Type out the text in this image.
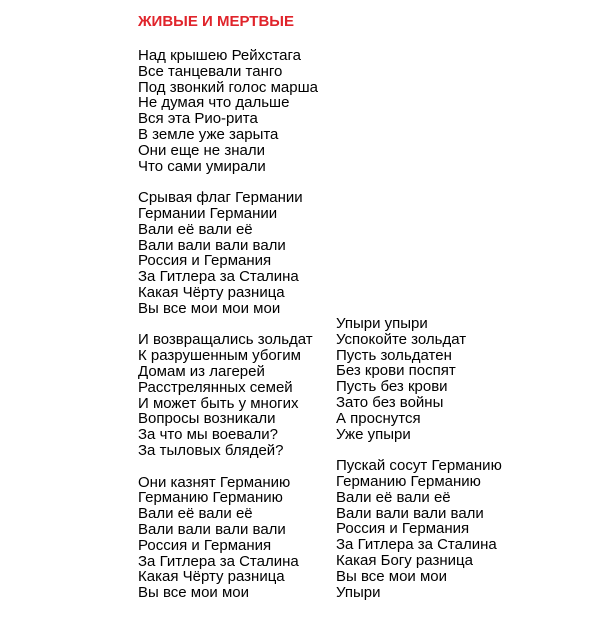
ЖИВЫЕ И МЕРТВЫЕ
Над крышею Рейхстага
Все танцевали танго
Под звонкий голос марша
Не думая что дальше
Вся эта Рио-рита
В земле уже зарыта
Они еще не знали
Что сами умирали
Срывая флаг Германии
Германии Германии
Вали её вали её
Вали вали вали вали
Россия и Германия
За Гитлера за Сталина
Какая Чёрту разница
Вы все мои мои мои
И возвращались зольдат
К разрушенным убогим
Домам из лагерей
Расстрелянных семей
И может быть у многих
Вопросы возникали
За что мы воевали?
За тыловых блядей?
Они казнят Германию
Германию Германию
Вали её вали её
Вали вали вали вали
Россия и Германия
За Гитлера за Сталина
Какая Чёрту разница
Вы все мои мои
Упыри упыри
Успокойте зольдат
Пусть зольдатен
Без крови поспят
Пусть без крови
Зато без войны
А проснутся
Уже упыри
Пускай сосут Германию
Германию Германию
Вали её вали её
Вали вали вали вали
Россия и Германия
За Гитлера за Сталина
Какая Богу разница
Вы все мои мои
Упыри
